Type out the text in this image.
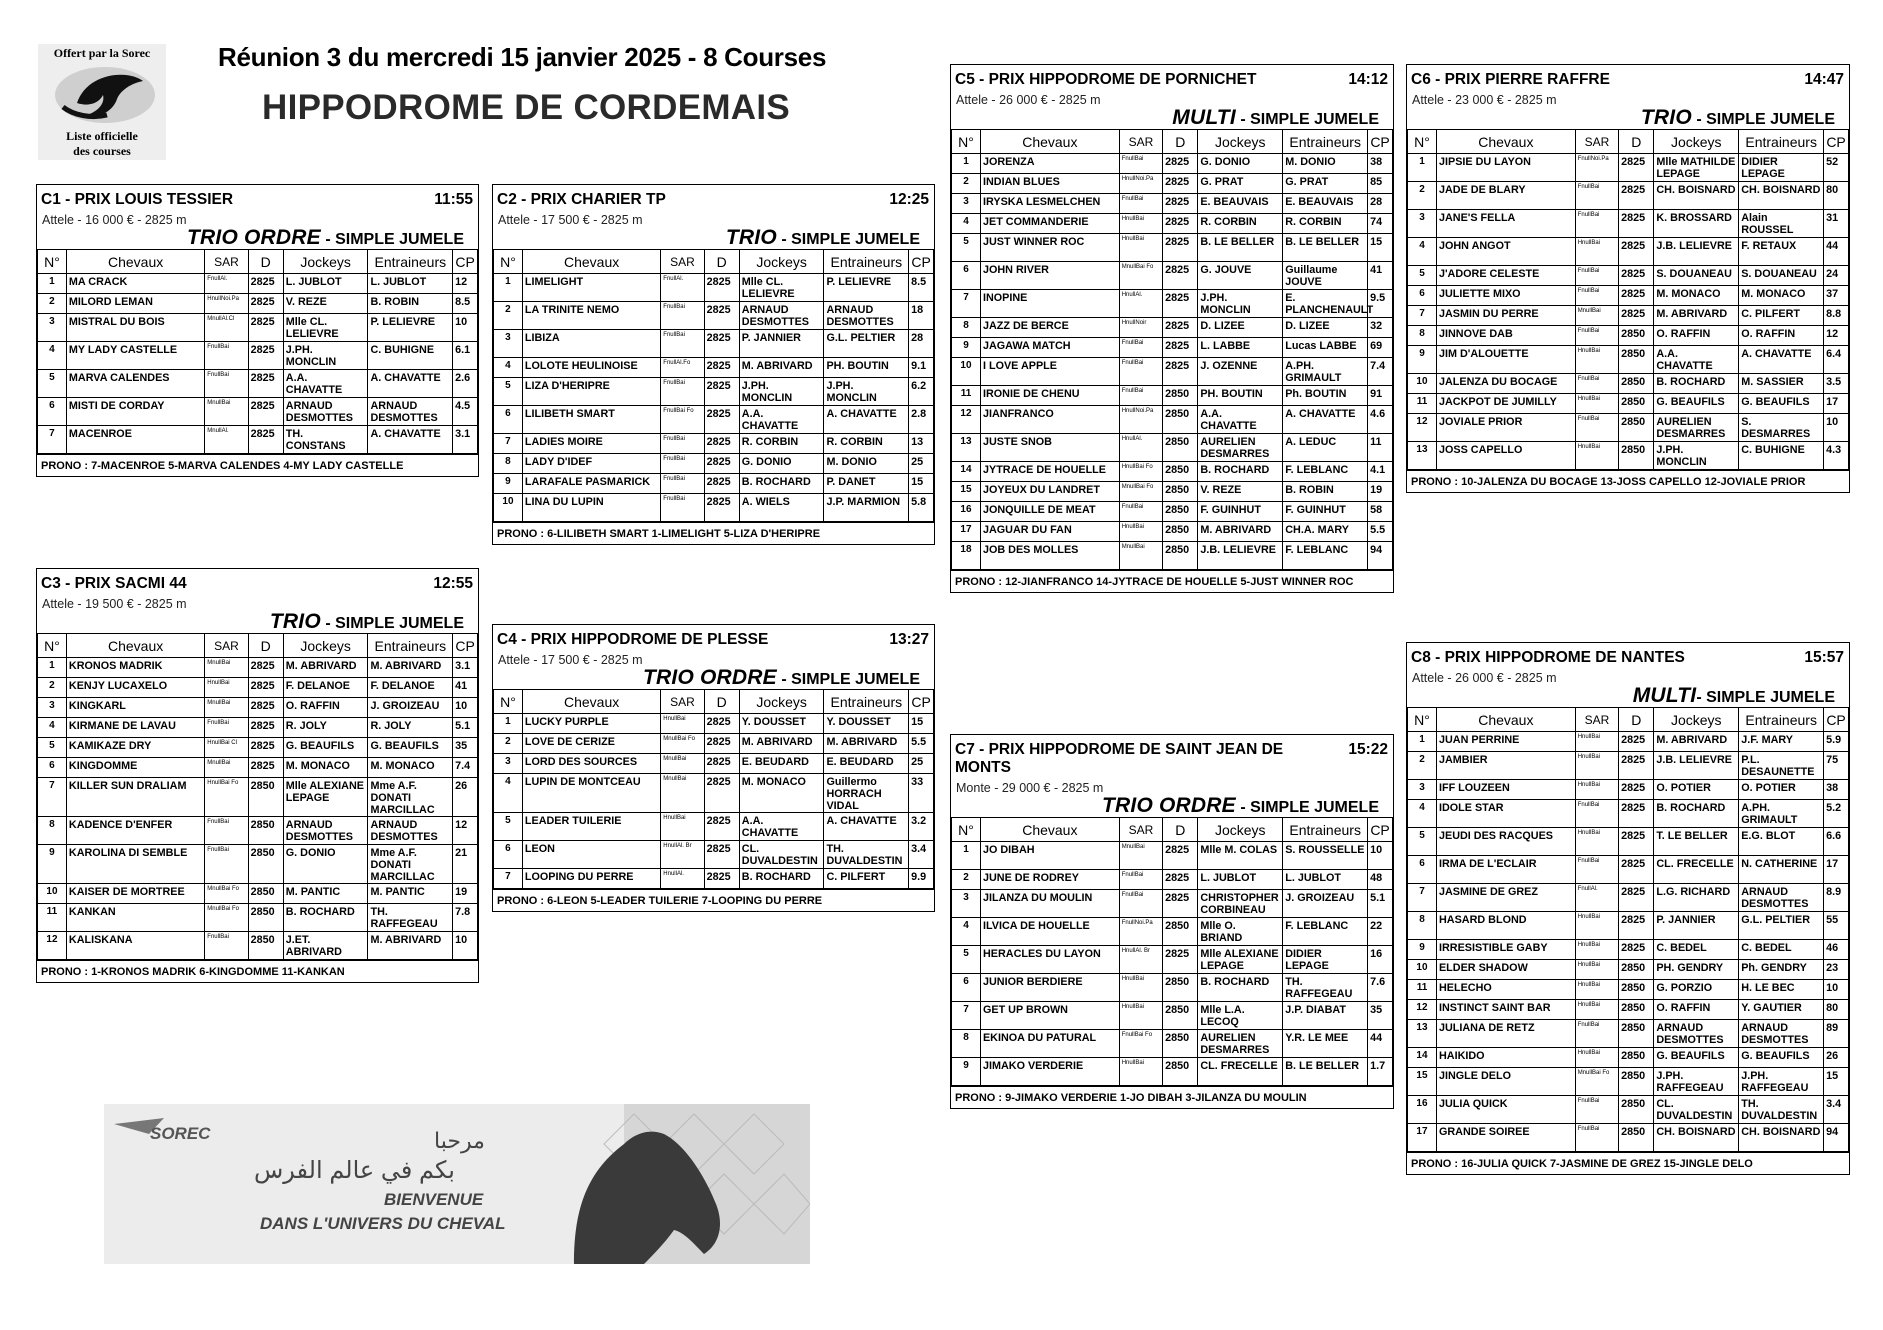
Offert par la Sorec
Liste officielle
des courses
Réunion 3 du mercredi 15 janvier 2025 - 8 Courses
HIPPODROME DE CORDEMAIS
C1 - PRIX LOUIS TESSIER	11:55
Attele - 16 000 € - 2825 m
TRIO ORDRE - SIMPLE JUMELE
N°	Chevaux	SAR	D	Jockeys	Entraineurs	CP
1	MA CRACK	FnullAl.	2825	L. JUBLOT	L. JUBLOT	12
2	MILORD LEMAN	HnullNoi.Pa	2825	V. REZE	B. ROBIN	8.5
3	MISTRAL DU BOIS	MnullAl.Cl	2825	Mlle CL. LELIEVRE	P. LELIEVRE	10
4	MY LADY CASTELLE	FnullBai	2825	J.PH. MONCLIN	C. BUHIGNE	6.1
5	MARVA CALENDES	FnullBai	2825	A.A. CHAVATTE	A. CHAVATTE	2.6
6	MISTI DE CORDAY	MnullBai	2825	ARNAUD DESMOTTES	ARNAUD DESMOTTES	4.5
7	MACENROE	MnullAl.	2825	TH. CONSTANS	A. CHAVATTE	3.1
PRONO : 7-MACENROE 5-MARVA CALENDES 4-MY LADY CASTELLE
C2 - PRIX CHARIER TP	12:25
Attele - 17 500 € - 2825 m
TRIO - SIMPLE JUMELE
N°	Chevaux	SAR	D	Jockeys	Entraineurs	CP
1	LIMELIGHT	FnullAl.	2825	Mlle CL. LELIEVRE	P. LELIEVRE	8.5
2	LA TRINITE NEMO	FnullBai	2825	ARNAUD DESMOTTES	ARNAUD DESMOTTES	18
3	LIBIZA	FnullBai	2825	P. JANNIER	G.L. PELTIER	28
4	LOLOTE HEULINOISE	FnullAl.Fo	2825	M. ABRIVARD	PH. BOUTIN	9.1
5	LIZA D'HERIPRE	FnullBai	2825	J.PH. MONCLIN	J.PH. MONCLIN	6.2
6	LILIBETH SMART	FnullBai Fo	2825	A.A. CHAVATTE	A. CHAVATTE	2.8
7	LADIES MOIRE	FnullBai	2825	R. CORBIN	R. CORBIN	13
8	LADY D'IDEF	FnullBai	2825	G. DONIO	M. DONIO	25
9	LARAFALE PASMARICK	FnullBai	2825	B. ROCHARD	P. DANET	15
10	LINA DU LUPIN	FnullBai	2825	A. WIELS	J.P. MARMION	5.8
PRONO : 6-LILIBETH SMART 1-LIMELIGHT 5-LIZA D'HERIPRE
C3 - PRIX SACMI 44	12:55
Attele - 19 500 € - 2825 m
TRIO - SIMPLE JUMELE
N°	Chevaux	SAR	D	Jockeys	Entraineurs	CP
1	KRONOS MADRIK	MnullBai	2825	M. ABRIVARD	M. ABRIVARD	3.1
2	KENJY LUCAXELO	HnullBai	2825	F. DELANOE	F. DELANOE	41
3	KINGKARL	MnullBai	2825	O. RAFFIN	J. GROIZEAU	10
4	KIRMANE DE LAVAU	FnullBai	2825	R. JOLY	R. JOLY	5.1
5	KAMIKAZE DRY	HnullBai Cl	2825	G. BEAUFILS	G. BEAUFILS	35
6	KINGDOMME	MnullBai	2825	M. MONACO	M. MONACO	7.4
7	KILLER SUN DRALIAM	HnullBai Fo	2850	Mlle ALEXIANE LEPAGE	Mme A.F. DONATI MARCILLAC	26
8	KADENCE D'ENFER	FnullBai	2850	ARNAUD DESMOTTES	ARNAUD DESMOTTES	12
9	KAROLINA DI SEMBLE	FnullBai	2850	G. DONIO	Mme A.F. DONATI MARCILLAC	21
10	KAISER DE MORTREE	MnullBai Fo	2850	M. PANTIC	M. PANTIC	19
11	KANKAN	MnullBai Fo	2850	B. ROCHARD	TH. RAFFEGEAU	7.8
12	KALISKANA	FnullBai	2850	J.ET. ABRIVARD	M. ABRIVARD	10
PRONO : 1-KRONOS MADRIK 6-KINGDOMME 11-KANKAN
C4 - PRIX HIPPODROME DE PLESSE	13:27
Attele - 17 500 € - 2825 m
TRIO ORDRE - SIMPLE JUMELE
N°	Chevaux	SAR	D	Jockeys	Entraineurs	CP
1	LUCKY PURPLE	HnullBai	2825	Y. DOUSSET	Y. DOUSSET	15
2	LOVE DE CERIZE	MnullBai Fo	2825	M. ABRIVARD	M. ABRIVARD	5.5
3	LORD DES SOURCES	MnullBai	2825	E. BEUDARD	E. BEUDARD	25
4	LUPIN DE MONTCEAU	MnullBai	2825	M. MONACO	Guillermo HORRACH VIDAL	33
5	LEADER TUILERIE	HnullBai	2825	A.A. CHAVATTE	A. CHAVATTE	3.2
6	LEON	HnullAl. Br	2825	CL. DUVALDESTIN	TH. DUVALDESTIN	3.4
7	LOOPING DU PERRE	HnullAl.	2825	B. ROCHARD	C. PILFERT	9.9
PRONO : 6-LEON 5-LEADER TUILERIE 7-LOOPING DU PERRE
C5 - PRIX HIPPODROME DE PORNICHET	14:12
Attele - 26 000 € - 2825 m
MULTI - SIMPLE JUMELE
N°	Chevaux	SAR	D	Jockeys	Entraineurs	CP
1	JORENZA	FnullBai	2825	G. DONIO	M. DONIO	38
2	INDIAN BLUES	HnullNoi.Pa	2825	G. PRAT	G. PRAT	85
3	IRYSKA LESMELCHEN	FnullBai	2825	E. BEAUVAIS	E. BEAUVAIS	28
4	JET COMMANDERIE	HnullBai	2825	R. CORBIN	R. CORBIN	74
5	JUST WINNER ROC	HnullBai	2825	B. LE BELLER	B. LE BELLER	15
6	JOHN RIVER	MnullBai Fo	2825	G. JOUVE	Guillaume JOUVE	41
7	INOPINE	HnullAl.	2825	J.PH. MONCLIN	E. PLANCHENAULT	9.5
8	JAZZ DE BERCE	HnullNoir	2825	D. LIZEE	D. LIZEE	32
9	JAGAWA MATCH	FnullBai	2825	L. LABBE	Lucas LABBE	69
10	I LOVE APPLE	FnullBai	2825	J. OZENNE	A.PH. GRIMAULT	7.4
11	IRONIE DE CHENU	FnullBai	2850	PH. BOUTIN	Ph. BOUTIN	91
12	JIANFRANCO	HnullNoi.Pa	2850	A.A. CHAVATTE	A. CHAVATTE	4.6
13	JUSTE SNOB	HnullAl.	2850	AURELIEN DESMARRES	A. LEDUC	11
14	JYTRACE DE HOUELLE	HnullBai Fo	2850	B. ROCHARD	F. LEBLANC	4.1
15	JOYEUX DU LANDRET	MnullBai Fo	2850	V. REZE	B. ROBIN	19
16	JONQUILLE DE MEAT	FnullBai	2850	F. GUINHUT	F. GUINHUT	58
17	JAGUAR DU FAN	HnullBai	2850	M. ABRIVARD	CH.A. MARY	5.5
18	JOB DES MOLLES	MnullBai	2850	J.B. LELIEVRE	F. LEBLANC	94
PRONO : 12-JIANFRANCO 14-JYTRACE DE HOUELLE 5-JUST WINNER ROC
C6 - PRIX PIERRE RAFFRE	14:47
Attele - 23 000 € - 2825 m
TRIO - SIMPLE JUMELE
N°	Chevaux	SAR	D	Jockeys	Entraineurs	CP
1	JIPSIE DU LAYON	FnullNoi.Pa	2825	Mlle MATHILDE LEPAGE	DIDIER LEPAGE	52
2	JADE DE BLARY	FnullBai	2825	CH. BOISNARD	CH. BOISNARD	80
3	JANE'S FELLA	FnullBai	2825	K. BROSSARD	Alain ROUSSEL	31
4	JOHN ANGOT	HnullBai	2825	J.B. LELIEVRE	F. RETAUX	44
5	J'ADORE CELESTE	FnullBai	2825	S. DOUANEAU	S. DOUANEAU	24
6	JULIETTE MIXO	FnullBai	2825	M. MONACO	M. MONACO	37
7	JASMIN DU PERRE	MnullBai	2825	M. ABRIVARD	C. PILFERT	8.8
8	JINNOVE DAB	FnullBai	2850	O. RAFFIN	O. RAFFIN	12
9	JIM D'ALOUETTE	HnullBai	2850	A.A. CHAVATTE	A. CHAVATTE	6.4
10	JALENZA DU BOCAGE	FnullBai	2850	B. ROCHARD	M. SASSIER	3.5
11	JACKPOT DE JUMILLY	HnullBai	2850	G. BEAUFILS	G. BEAUFILS	17
12	JOVIALE PRIOR	FnullBai	2850	AURELIEN DESMARRES	S. DESMARRES	10
13	JOSS CAPELLO	HnullBai	2850	J.PH. MONCLIN	C. BUHIGNE	4.3
PRONO : 10-JALENZA DU BOCAGE 13-JOSS CAPELLO 12-JOVIALE PRIOR
C7 - PRIX HIPPODROME DE SAINT JEAN DE MONTS
15:22
Monte - 29 000 € - 2825 m
TRIO ORDRE - SIMPLE JUMELE
N°	Chevaux	SAR	D	Jockeys	Entraineurs	CP
1	JO DIBAH	MnullBai	2825	Mlle M. COLAS	S. ROUSSELLE	10
2	JUNE DE RODREY	FnullBai	2825	L. JUBLOT	L. JUBLOT	48
3	JILANZA DU MOULIN	FnullBai	2825	CHRISTOPHER CORBINEAU	J. GROIZEAU	5.1
4	ILVICA DE HOUELLE	FnullNoi.Pa	2850	Mlle O. BRIAND	F. LEBLANC	22
5	HERACLES DU LAYON	HnullAl. Br	2825	Mlle ALEXIANE LEPAGE	DIDIER LEPAGE	16
6	JUNIOR BERDIERE	HnullBai	2850	B. ROCHARD	TH. RAFFEGEAU	7.6
7	GET UP BROWN	HnullBai	2850	Mlle L.A. LECOQ	J.P. DIABAT	35
8	EKINOA DU PATURAL	FnullBai Fo	2850	AURELIEN DESMARRES	Y.R. LE MEE	44
9	JIMAKO VERDERIE	HnullBai	2850	CL. FRECELLE	B. LE BELLER	1.7
PRONO : 9-JIMAKO VERDERIE 1-JO DIBAH 3-JILANZA DU MOULIN
C8 - PRIX HIPPODROME DE NANTES	15:57
Attele - 26 000 € - 2825 m
MULTI- SIMPLE JUMELE
N°	Chevaux	SAR	D	Jockeys	Entraineurs	CP
1	JUAN PERRINE	HnullBai	2825	M. ABRIVARD	J.F. MARY	5.9
2	JAMBIER	HnullBai	2825	J.B. LELIEVRE	P.L. DESAUNETTE	75
3	IFF LOUZEEN	HnullBai	2825	O. POTIER	O. POTIER	38
4	IDOLE STAR	FnullBai	2825	B. ROCHARD	A.PH. GRIMAULT	5.2
5	JEUDI DES RACQUES	HnullBai	2825	T. LE BELLER	E.G. BLOT	6.6
6	IRMA DE L'ECLAIR	FnullBai	2825	CL. FRECELLE	N. CATHERINE	17
7	JASMINE DE GREZ	FnullAl.	2825	L.G. RICHARD	ARNAUD DESMOTTES	8.9
8	HASARD BLOND	HnullBai	2825	P. JANNIER	G.L. PELTIER	55
9	IRRESISTIBLE GABY	HnullBai	2825	C. BEDEL	C. BEDEL	46
10	ELDER SHADOW	HnullBai	2850	PH. GENDRY	Ph. GENDRY	23
11	HELECHO	HnullBai	2850	G. PORZIO	H. LE BEC	10
12	INSTINCT SAINT BAR	HnullBai	2850	O. RAFFIN	Y. GAUTIER	80
13	JULIANA DE RETZ	FnullBai	2850	ARNAUD DESMOTTES	ARNAUD DESMOTTES	89
14	HAIKIDO	HnullBai	2850	G. BEAUFILS	G. BEAUFILS	26
15	JINGLE DELO	MnullBai Fo	2850	J.PH. RAFFEGEAU	J.PH. RAFFEGEAU	15
16	JULIA QUICK	FnullBai	2850	CL. DUVALDESTIN	TH. DUVALDESTIN	3.4
17	GRANDE SOIREE	FnullBai	2850	CH. BOISNARD	CH. BOISNARD	94
PRONO : 16-JULIA QUICK 7-JASMINE DE GREZ 15-JINGLE DELO
SOREC	مرحبا
بكم في عالم الفرس
BIENVENUE
DANS L'UNIVERS DU CHEVAL
